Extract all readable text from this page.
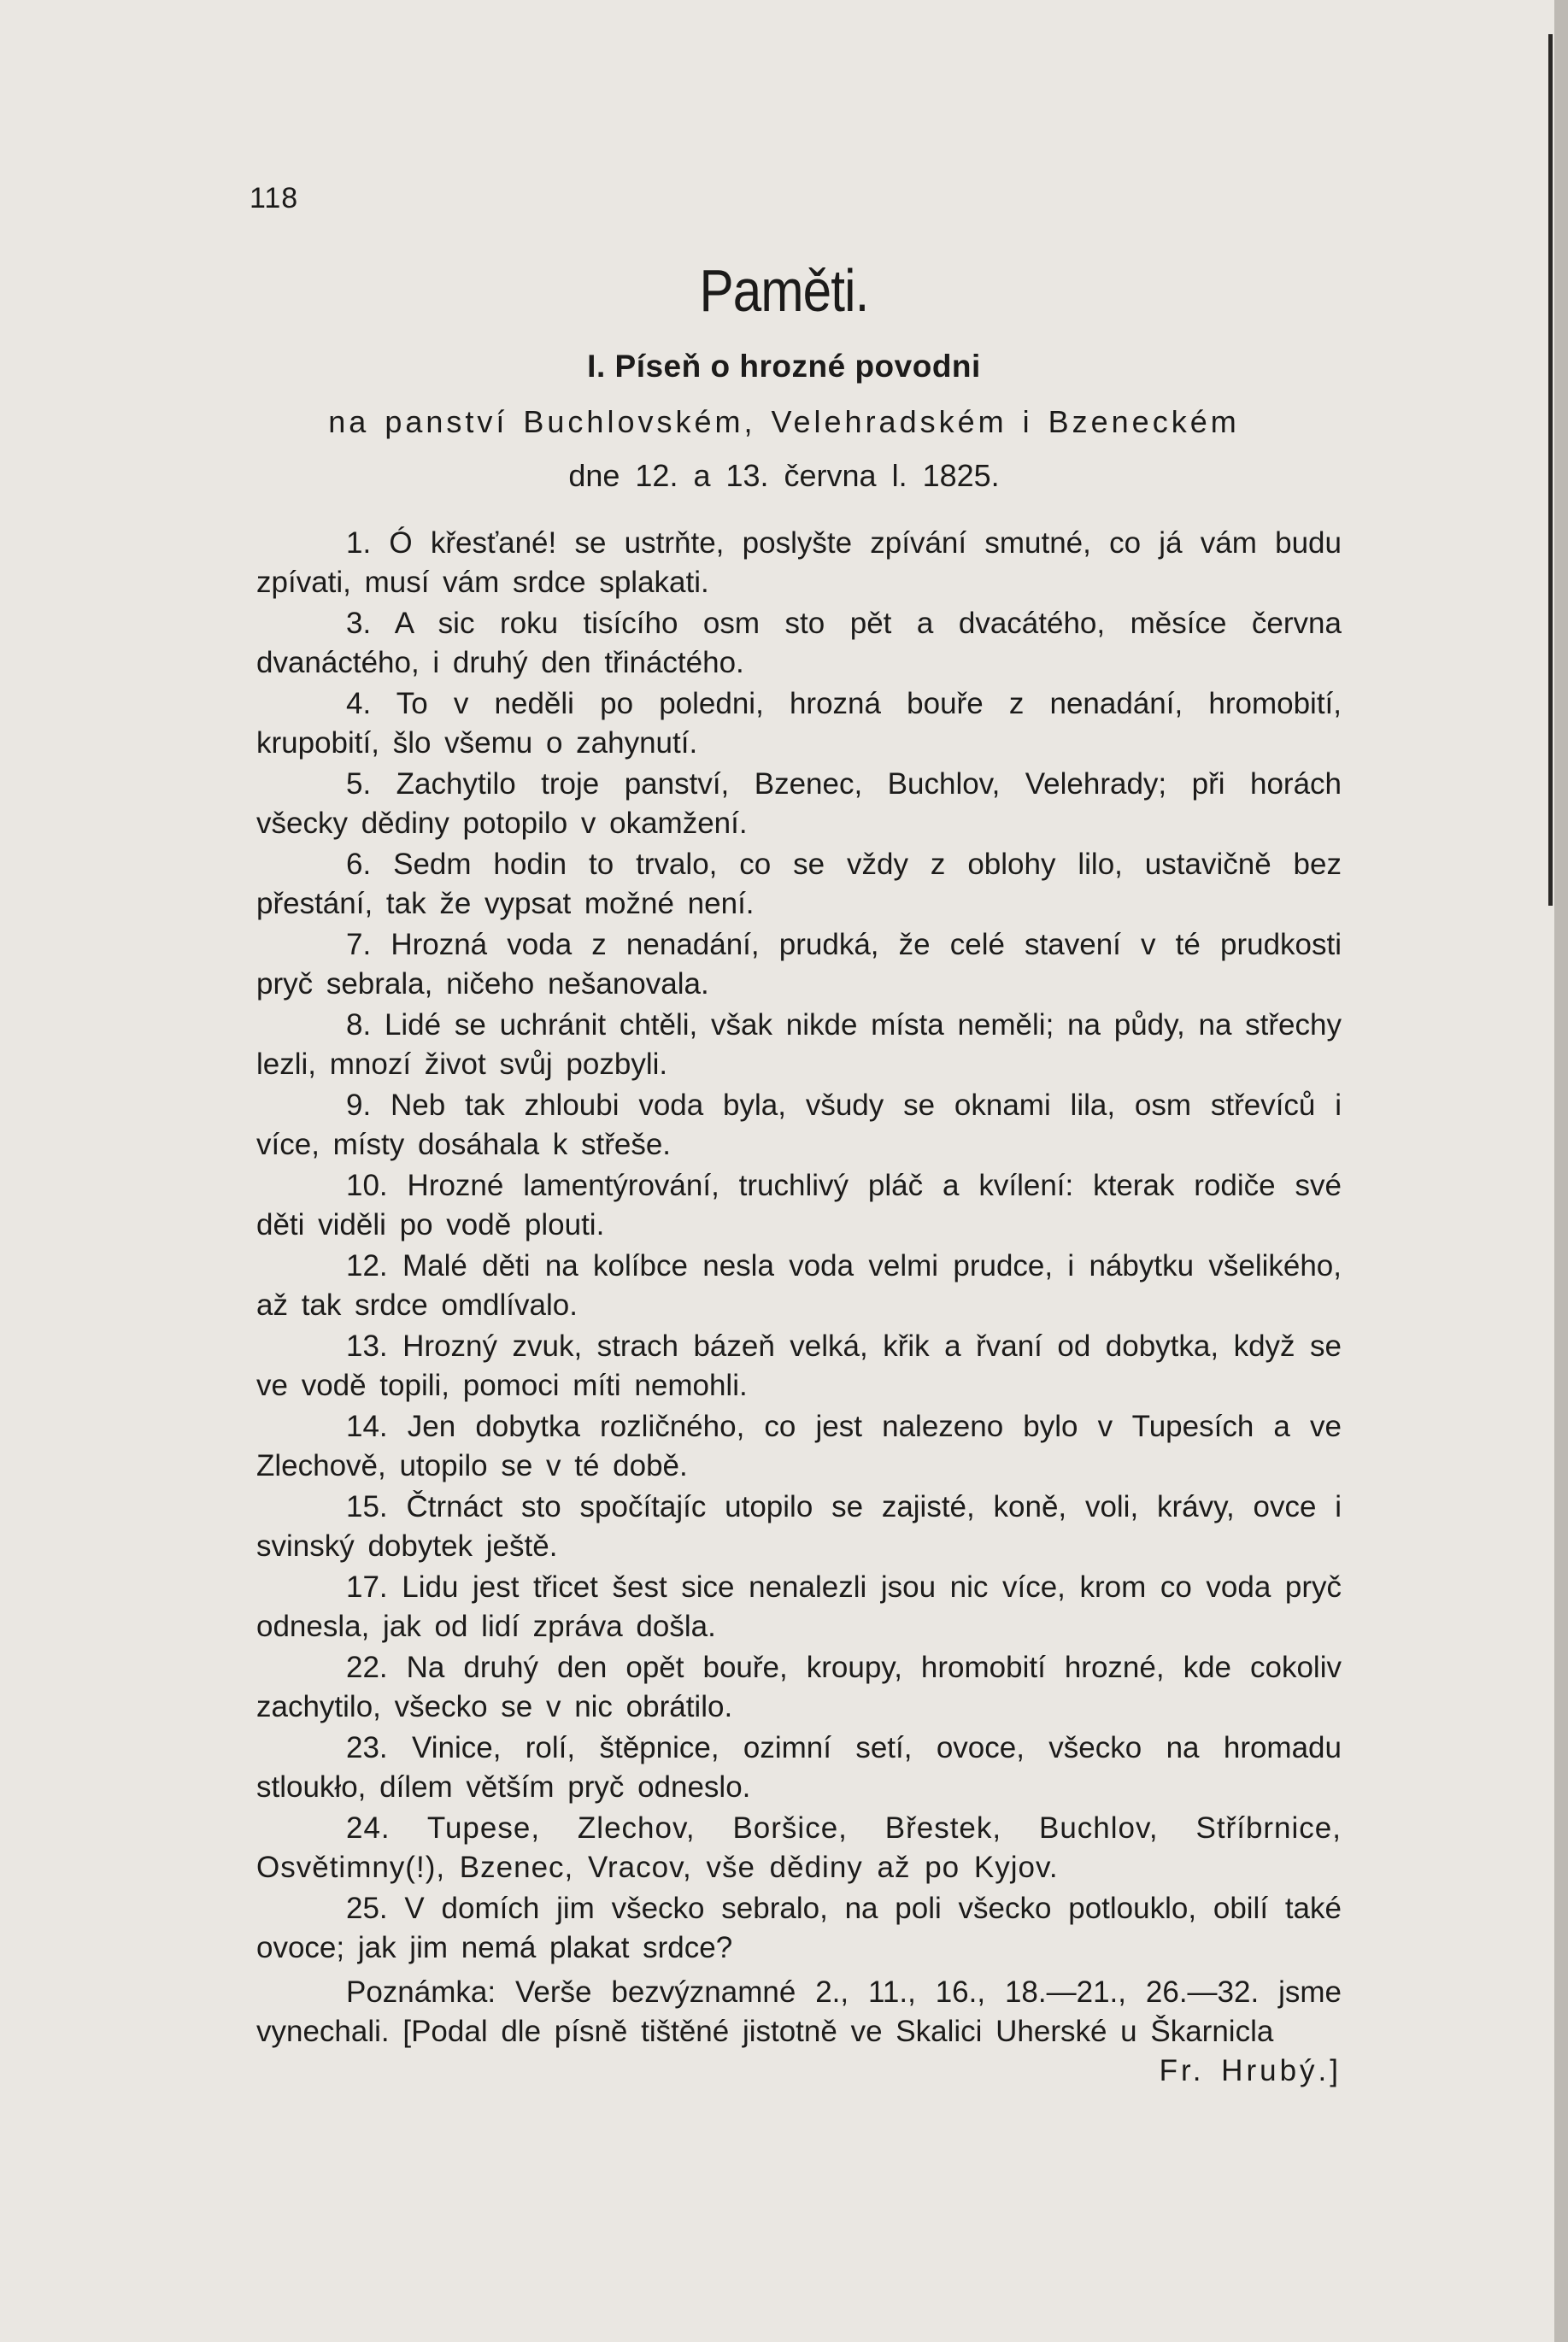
118
Paměti.
I. Píseň o hrozné povodni
na panství Buchlovském, Velehradském i Bzeneckém
dne 12. a 13. června l. 1825.

1. Ó křesťané! se ustrňte, poslyšte zpívání smutné, co já vám budu zpívati, musí vám srdce splakati.

3. A sic roku tisícího osm sto pět a dvacátého, měsíce června dvanáctého, i druhý den třináctého.

4. To v neděli po poledni, hrozná bouře z nenadání, hromobití, krupobití, šlo všemu o zahynutí.

5. Zachytilo troje panství, Bzenec, Buchlov, Velehrady; při horách všecky dědiny potopilo v okamžení.

6. Sedm hodin to trvalo, co se vždy z oblohy lilo, ustavičně bez přestání, tak že vypsat možné není.

7. Hrozná voda z nenadání, prudká, že celé stavení v té prudkosti pryč sebrala, ničeho nešanovala.

8. Lidé se uchránit chtěli, však nikde místa neměli; na půdy, na střechy lezli, mnozí život svůj pozbyli.

9. Neb tak zhloubi voda byla, všudy se oknami lila, osm střevíců i více, místy dosáhala k střeše.

10. Hrozné lamentýrování, truchlivý pláč a kvílení: kterak rodiče své děti viděli po vodě plouti.

12. Malé děti na kolíbce nesla voda velmi prudce, i nábytku všelikého, až tak srdce omdlívalo.

13. Hrozný zvuk, strach bázeň velká, křik a řvaní od dobytka, když se ve vodě topili, pomoci míti nemohli.

14. Jen dobytka rozličného, co jest nalezeno bylo v Tupesích a ve Zlechově, utopilo se v té době.

15. Čtrnáct sto spočítajíc utopilo se zajisté, koně, voli, krávy, ovce i svinský dobytek ještě.

17. Lidu jest třicet šest sice nenalezli jsou nic více, krom co voda pryč odnesla, jak od lidí zpráva došla.

22. Na druhý den opět bouře, kroupy, hromobití hrozné, kde cokoliv zachytilo, všecko se v nic obrátilo.

23. Vinice, rolí, štěpnice, ozimní setí, ovoce, všecko na hromadu stloukło, dílem větším pryč odneslo.

24. Tupese, Zlechov, Boršice, Břestek, Buchlov, Stříbrnice, Osvětimny(!), Bzenec, Vracov, vše dědiny až po Kyjov.

25. V domích jim všecko sebralo, na poli všecko potlouklo, obilí také ovoce; jak jim nemá plakat srdce?

Poznámka: Verše bezvýznamné 2., 11., 16., 18.—21., 26.—32. jsme vynechali. [Podal dle písně tištěné jistotně ve Skalici Uherské u Škarnicla
Fr. Hrubý.]
